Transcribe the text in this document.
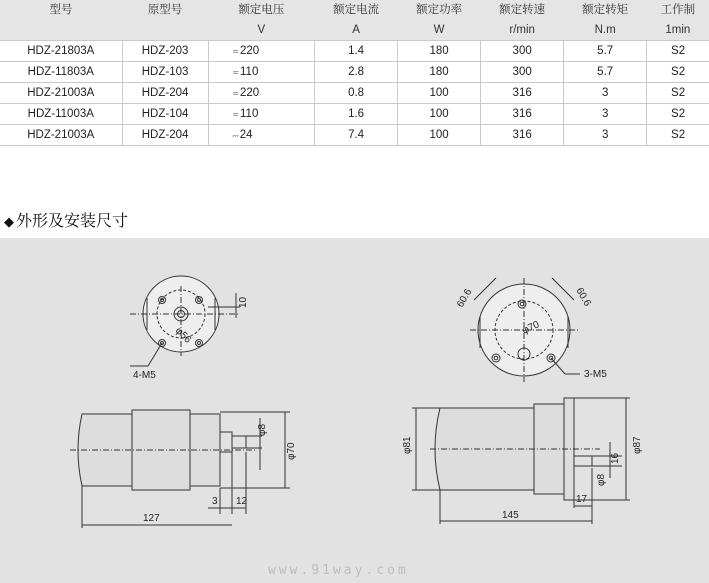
型号	原型号	额定电压	额定电流	额定功率	额定转速	额定转矩	工作制
		V	A	W	r/min	N.m	1min
HDZ-21803A	HDZ-203	≂220	1.4	180	300	5.7	S2
HDZ-11803A	HDZ-103	≂110	2.8	180	300	5.7	S2
HDZ-21003A	HDZ-204	≂220	0.8	100	316	3	S2
HDZ-11003A	HDZ-104	≂110	1.6	100	316	3	S2
HDZ-21003A	HDZ-204	⎓24	7.4	100	316	3	S2
◆ 外形及安装尺寸
φ56
10
4-M5
φ8
φ70
3 12
127
60.6	60.6
φ70
3-M5
φ81	φ87
16
φ8
17
145
www.91way.com
